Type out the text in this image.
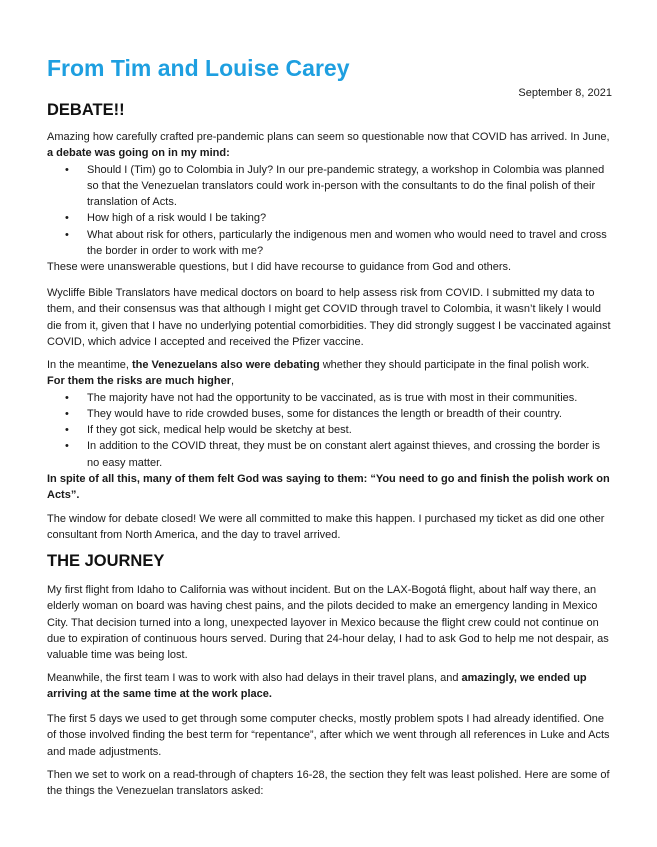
From Tim and Louise Carey
September 8, 2021
DEBATE!!

Amazing how carefully crafted pre-pandemic plans can seem so questionable now that COVID has arrived. In June, a debate was going on in my mind:

• Should I (Tim) go to Colombia in July? In our pre-pandemic strategy, a workshop in Colombia was planned so that the Venezuelan translators could work in-person with the consultants to do the final polish of their translation of Acts.
• How high of a risk would I be taking?
• What about risk for others, particularly the indigenous men and women who would need to travel and cross the border in order to work with me?

These were unanswerable questions, but I did have recourse to guidance from God and others.

Wycliffe Bible Translators have medical doctors on board to help assess risk from COVID. I submitted my data to them, and their consensus was that although I might get COVID through travel to Colombia, it wasn’t likely I would die from it, given that I have no underlying potential comorbidities. They did strongly suggest I be vaccinated against COVID, which advice I accepted and received the Pfizer vaccine.

In the meantime, the Venezuelans also were debating whether they should participate in the final polish work.

For them the risks are much higher,

• The majority have not had the opportunity to be vaccinated, as is true with most in their communities.
• They would have to ride crowded buses, some for distances the length or breadth of their country.
• If they got sick, medical help would be sketchy at best.
• In addition to the COVID threat, they must be on constant alert against thieves, and crossing the border is no easy matter.

In spite of all this, many of them felt God was saying to them: “You need to go and finish the polish work on Acts”.

The window for debate closed! We were all committed to make this happen. I purchased my ticket as did one other consultant from North America, and the day to travel arrived.

THE JOURNEY

My first flight from Idaho to California was without incident. But on the LAX-Bogotá flight, about half way there, an elderly woman on board was having chest pains, and the pilots decided to make an emergency landing in Mexico City. That decision turned into a long, unexpected layover in Mexico because the flight crew could not continue on due to expiration of continuous hours served. During that 24-hour delay, I had to ask God to help me not despair, as valuable time was being lost.

Meanwhile, the first team I was to work with also had delays in their travel plans, and amazingly, we ended up arriving at the same time at the work place.

The first 5 days we used to get through some computer checks, mostly problem spots I had already identified. One of those involved finding the best term for “repentance”, after which we went through all references in Luke and Acts and made adjustments.

Then we set to work on a read-through of chapters 16-28, the section they felt was least polished. Here are some of the things the Venezuelan translators asked:
